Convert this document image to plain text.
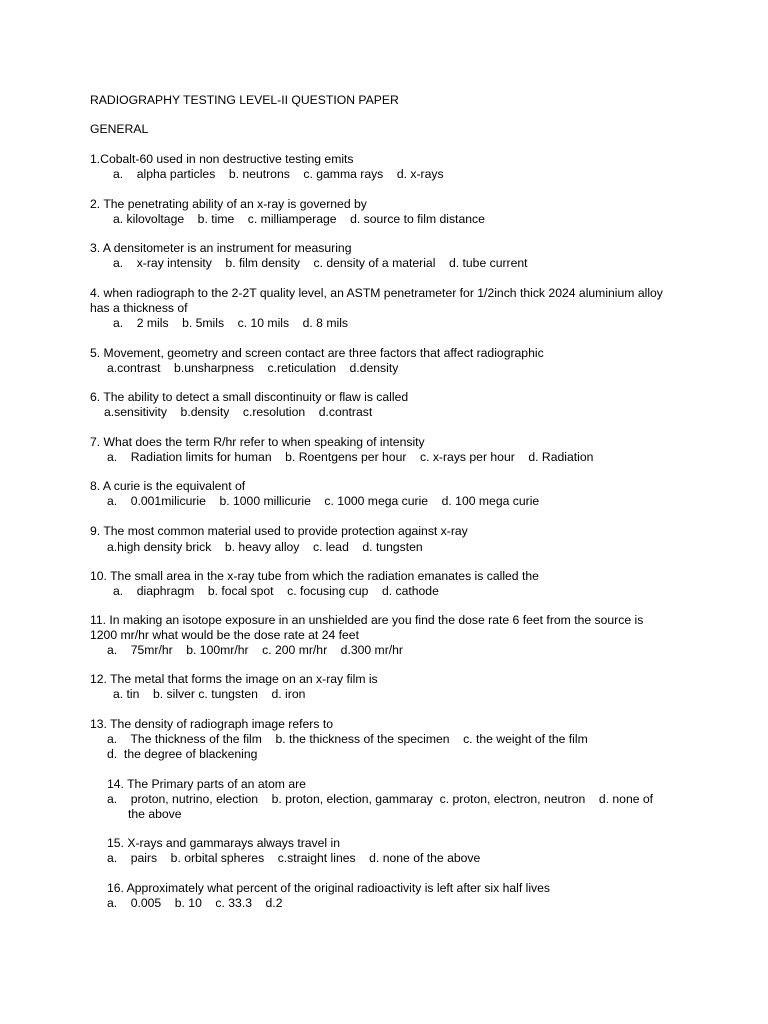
RADIOGRAPHY TESTING LEVEL-II QUESTION PAPER
GENERAL
1.Cobalt-60 used in non destructive testing emits
a.    alpha particles    b. neutrons    c. gamma rays    d. x-rays
2. The penetrating ability of an x-ray is governed by
a. kilovoltage    b. time    c. milliamperage    d. source to film distance
3. A densitometer is an instrument for measuring
a.    x-ray intensity    b. film density    c. density of a material    d. tube current
4. when radiograph to the 2-2T quality level, an ASTM penetrameter for 1/2inch thick 2024 aluminium alloy has a thickness of
a.    2 mils    b. 5mils    c. 10 mils    d. 8 mils
5. Movement, geometry and screen contact are three factors that affect radiographic
a.contrast    b.unsharpness    c.reticulation    d.density
6. The ability to detect a small discontinuity or flaw is called
a.sensitivity    b.density    c.resolution    d.contrast
7. What does the term R/hr refer to when speaking of intensity
a.    Radiation limits for human    b. Roentgens per hour    c. x-rays per hour    d. Radiation
8. A curie is the equivalent of
a.    0.001milicurie    b. 1000 millicurie    c. 1000 mega curie    d. 100 mega curie
9. The most common material used to provide protection against x-ray
a.high density brick    b. heavy alloy    c. lead    d. tungsten
10. The small area in the x-ray tube from which the radiation emanates is called the
a.    diaphragm    b. focal spot    c. focusing cup    d. cathode
11. In making an isotope exposure in an unshielded are you find the dose rate 6 feet from the source is 1200 mr/hr what would be the dose rate at 24 feet
a.    75mr/hr    b. 100mr/hr    c. 200 mr/hr    d.300 mr/hr
12. The metal that forms the image on an x-ray film is
a. tin    b. silver c. tungsten    d. iron
13. The density of radiograph image refers to
a.    The thickness of the film    b. the thickness of the specimen    c. the weight of the film
d.  the degree of blackening
14. The Primary parts of an atom are
a.    proton, nutrino, election    b. proton, election, gammaray  c. proton, electron, neutron    d. none of
the above
15. X-rays and gammarays always travel in
a.    pairs    b. orbital spheres    c.straight lines    d. none of the above
16. Approximately what percent of the original radioactivity is left after six half lives
a.    0.005    b. 10    c. 33.3    d.2
